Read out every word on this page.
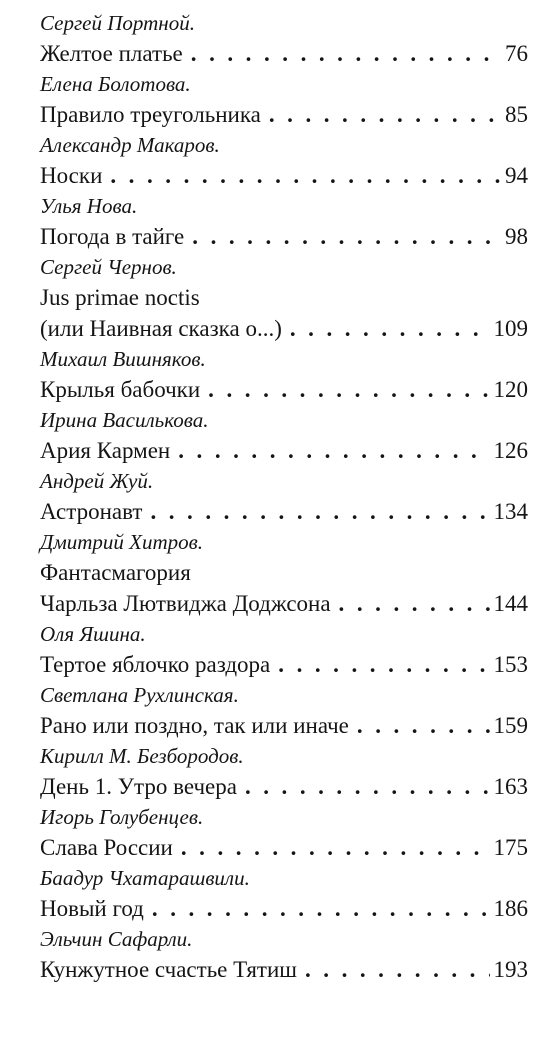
Сергей Портной.
Желтое платье . . .	76
Елена Болотова.
Правило треугольника . . .	85
Александр Макаров.
Носки . . .	94
Улья Нова.
Погода в тайге . . .	98
Сергей Чернов.
Jus primae noctis
(или Наивная сказка о...) . . .	109
Михаил Вишняков.
Крылья бабочки . . .	120
Ирина Василькова.
Ария Кармен . . .	126
Андрей Жуй.
Астронавт . . .	134
Дмитрий Хитров.
Фантасмагория
Чарльза Лютвиджа Доджсона . . .	144
Оля Яшина.
Тертое яблочко раздора . . .	153
Светлана Рухлинская.
Рано или поздно, так или иначе . . .	159
Кирилл М. Безбородов.
День 1. Утро вечера . . .	163
Игорь Голубенцев.
Слава России . . .	175
Баадур Чхатарашвили.
Новый год . . .	186
Эльчин Сафарли.
Кунжутное счастье Тятиш . . .	193
